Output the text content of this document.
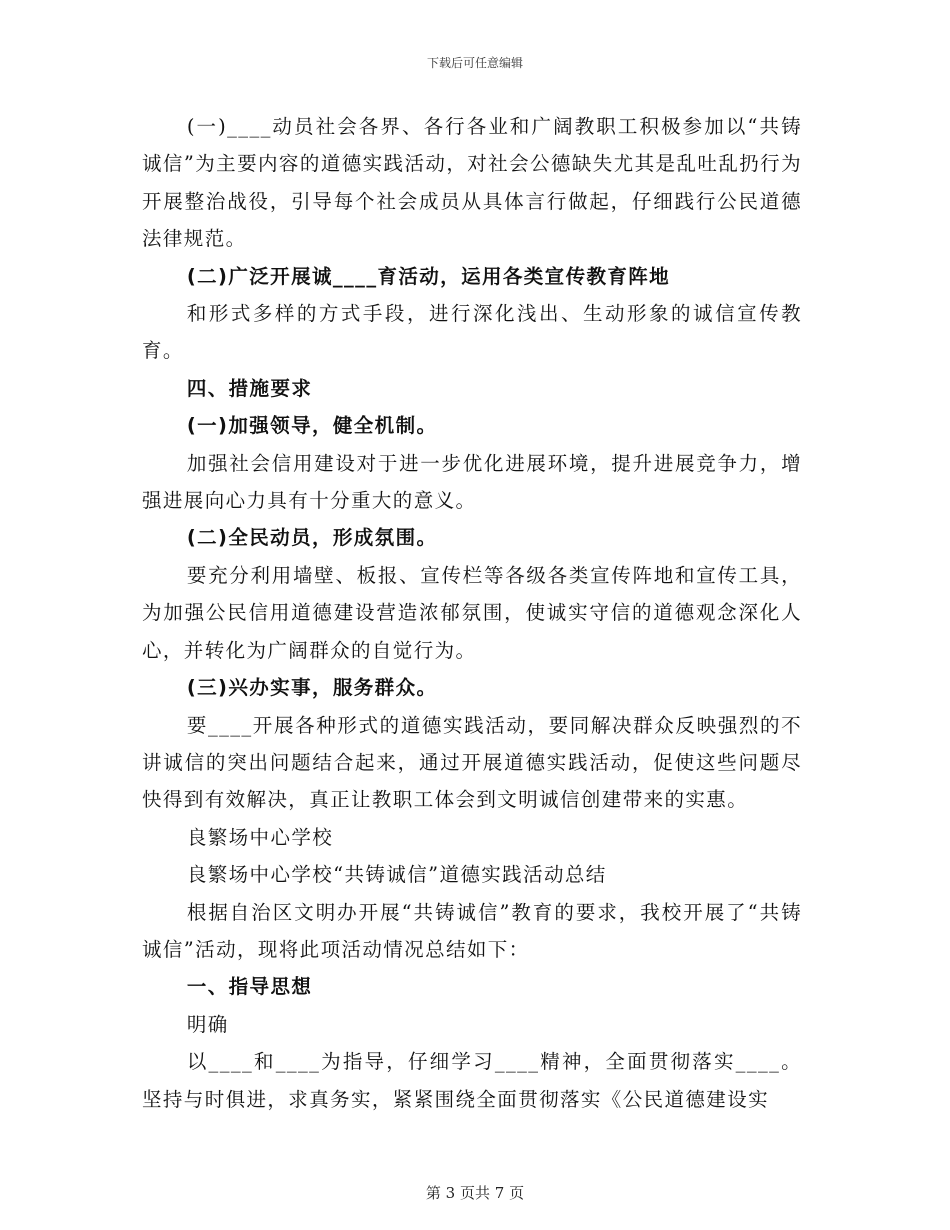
下载后可任意编辑

(一)____动员社会各界、各行各业和广阔教职工积极参加以“共铸诚信”为主要内容的道德实践活动，对社会公德缺失尤其是乱吐乱扔行为开展整治战役，引导每个社会成员从具体言行做起，仔细践行公民道德法律规范。

(二)广泛开展诚____育活动，运用各类宣传教育阵地

和形式多样的方式手段，进行深化浅出、生动形象的诚信宣传教育。

四、措施要求

(一)加强领导，健全机制。

加强社会信用建设对于进一步优化进展环境，提升进展竞争力，增强进展向心力具有十分重大的意义。

(二)全民动员，形成氛围。

要充分利用墙壁、板报、宣传栏等各级各类宣传阵地和宣传工具，为加强公民信用道德建设营造浓郁氛围，使诚实守信的道德观念深化人心，并转化为广阔群众的自觉行为。

(三)兴办实事，服务群众。

要____开展各种形式的道德实践活动，要同解决群众反映强烈的不讲诚信的突出问题结合起来，通过开展道德实践活动，促使这些问题尽快得到有效解决，真正让教职工体会到文明诚信创建带来的实惠。

良繁场中心学校

良繁场中心学校“共铸诚信”道德实践活动总结

根据自治区文明办开展“共铸诚信”教育的要求，我校开展了“共铸诚信”活动，现将此项活动情况总结如下：

一、指导思想

明确

以____和____为指导，仔细学习____精神，全面贯彻落实____。坚持与时俱进，求真务实，紧紧围绕全面贯彻落实《公民道德建设实

第 3 页共 7 页
